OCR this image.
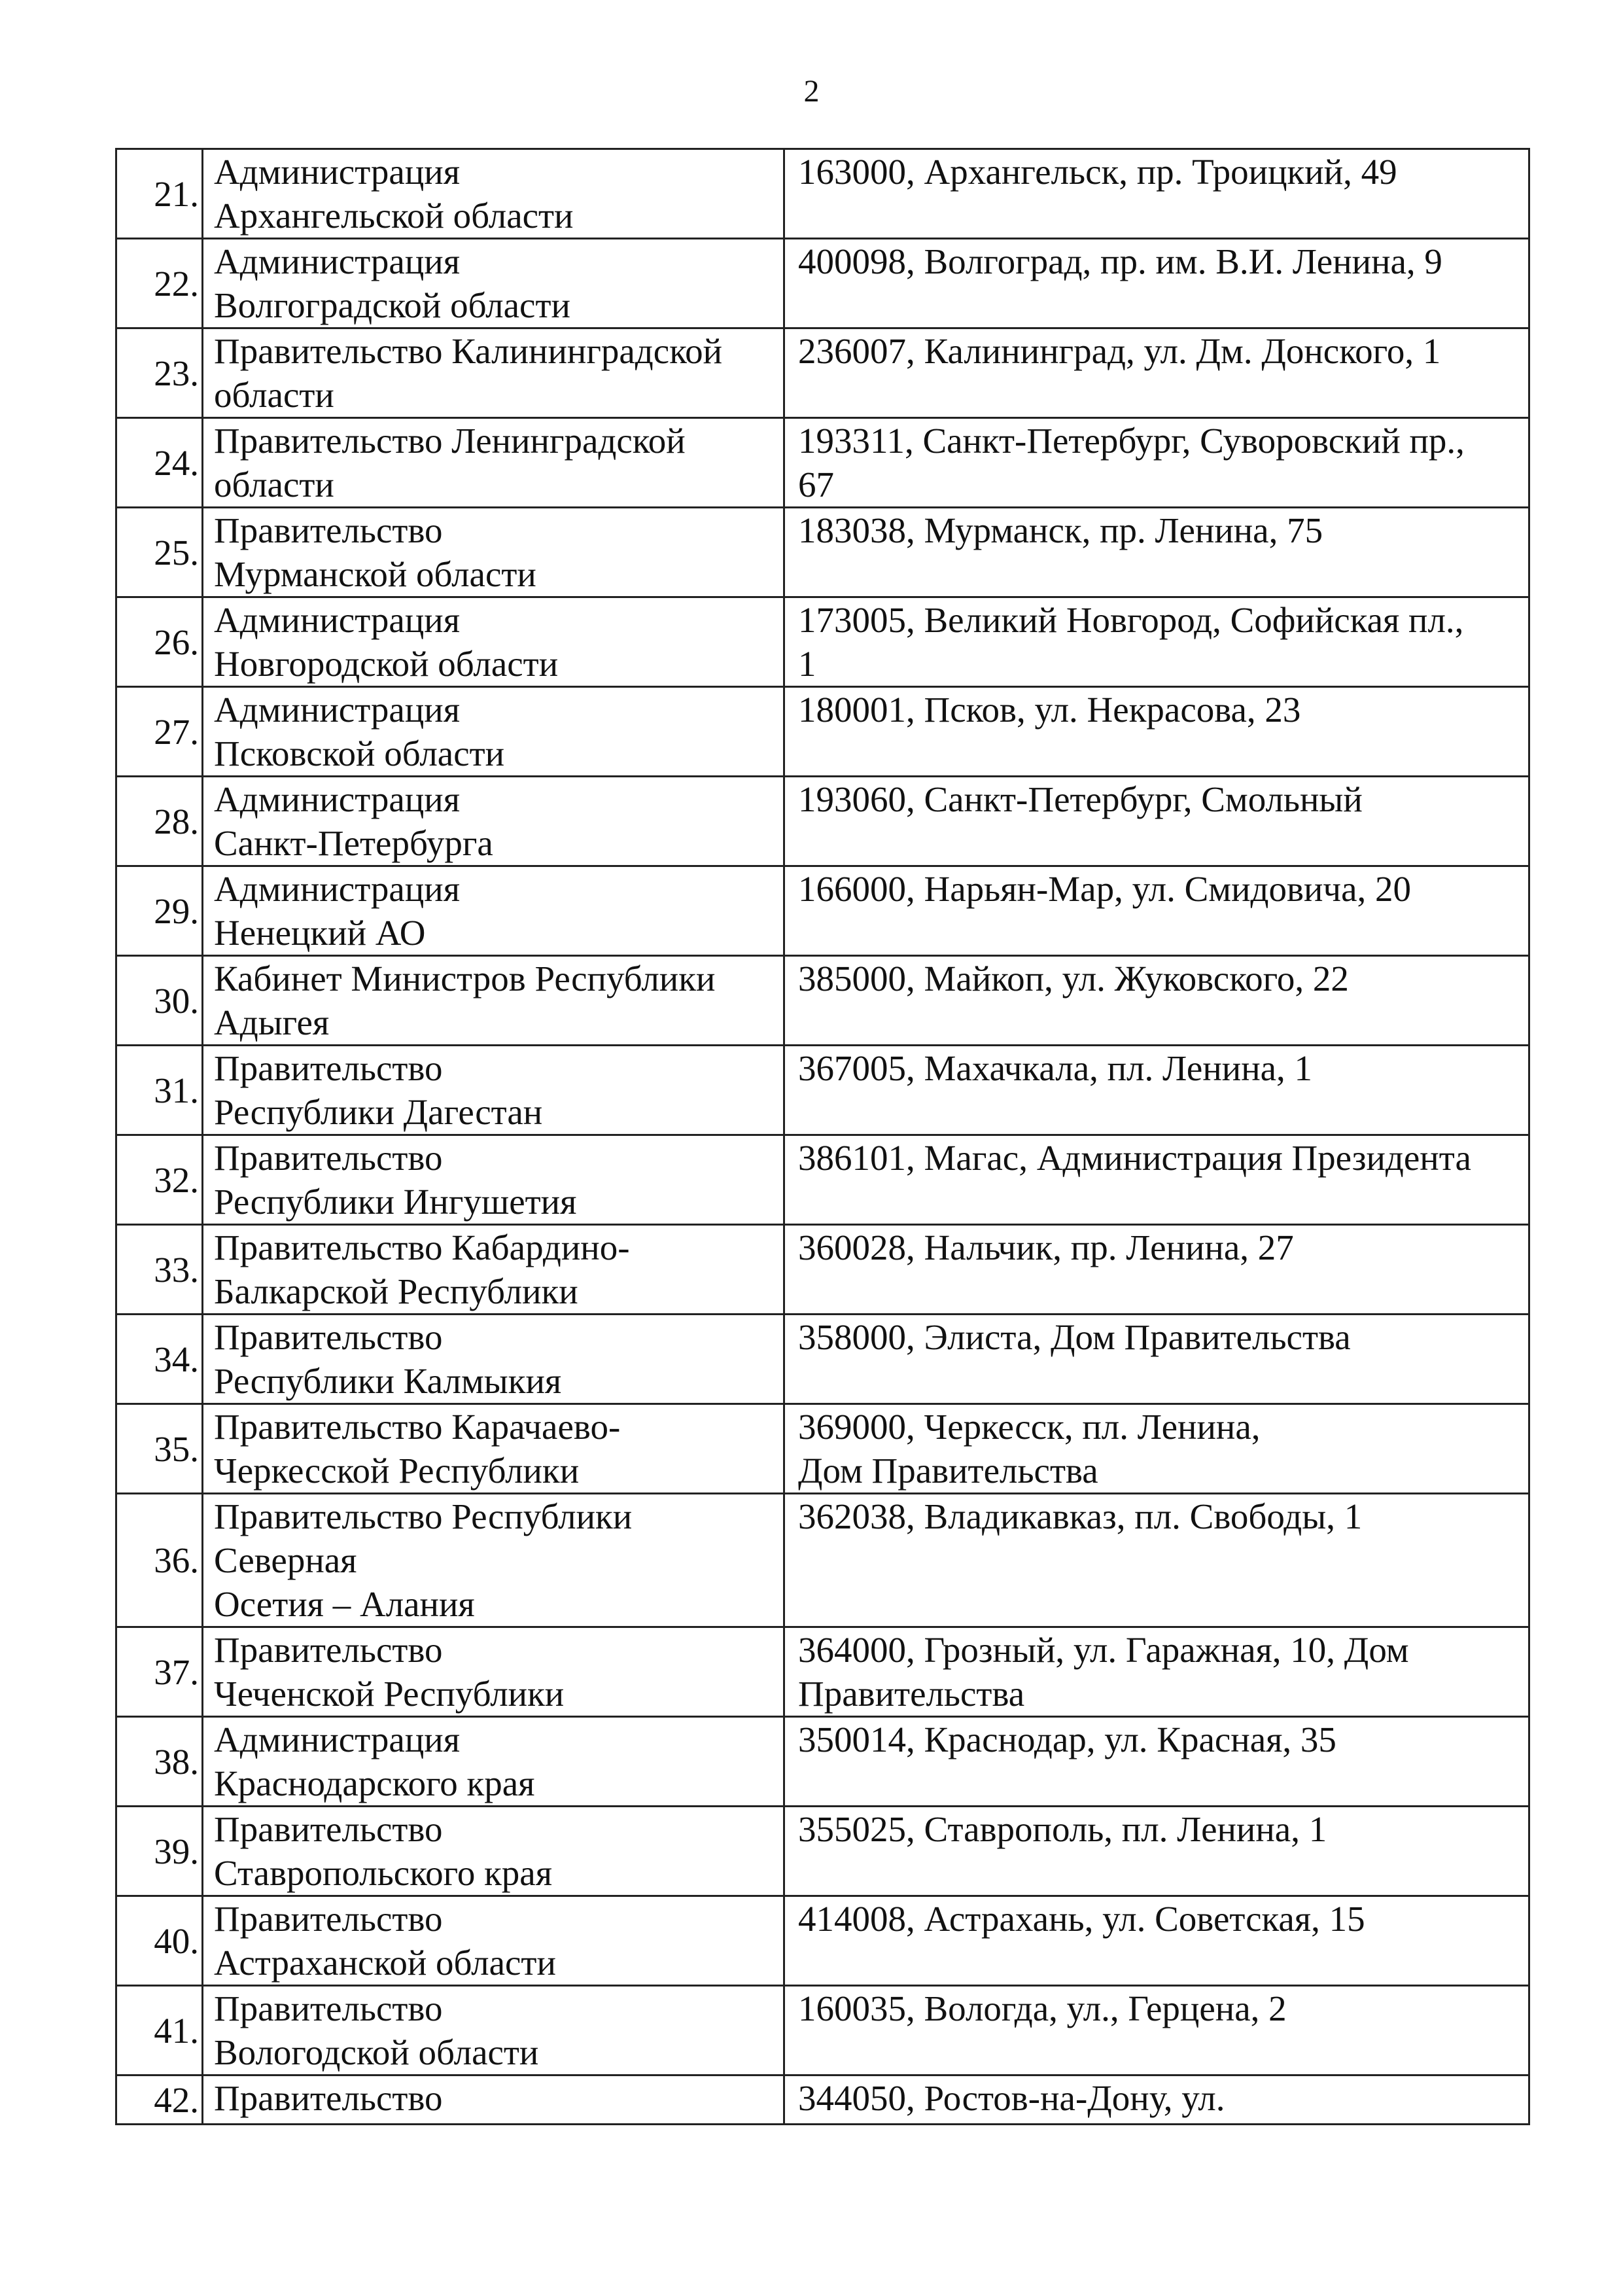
2
21.	Администрация
Архангельской области	163000, Архангельск, пр. Троицкий, 49

22.	Администрация
Волгоградской области	400098, Волгоград, пр. им. В.И. Ленина, 9

23.	Правительство Калининградской
области	236007, Калининград, ул. Дм. Донского, 1

24.	Правительство Ленинградской
области	193311, Санкт-Петербург, Суворовский пр.,
67

25.	Правительство
Мурманской области	183038, Мурманск, пр. Ленина, 75

26.	Администрация
Новгородской области	173005, Великий Новгород, Софийская пл.,
1

27.	Администрация
Псковской области	180001, Псков, ул. Некрасова, 23

28.	Администрация
Санкт-Петербурга	193060, Санкт-Петербург, Смольный

29.	Администрация
Ненецкий АО	166000, Нарьян-Мар, ул. Смидовича, 20

30.	Кабинет Министров Республики
Адыгея	385000, Майкоп, ул. Жуковского, 22

31.	Правительство
Республики Дагестан	367005, Махачкала, пл. Ленина, 1

32.	Правительство
Республики Ингушетия	386101, Магас, Администрация Президента

33.	Правительство Кабардино-
Балкарской Республики	360028, Нальчик, пр. Ленина, 27

34.	Правительство
Республики Калмыкия	358000, Элиста, Дом Правительства

35.	Правительство Карачаево-
Черкесской Республики	369000, Черкесск, пл. Ленина,
Дом Правительства

36.	Правительство Республики
Северная
Осетия – Алания	362038, Владикавказ, пл. Свободы, 1

37.	Правительство
Чеченской Республики	364000, Грозный, ул. Гаражная, 10, Дом
Правительства

38.	Администрация
Краснодарского края	350014, Краснодар, ул. Красная, 35

39.	Правительство
Ставропольского края	355025, Ставрополь, пл. Ленина, 1

40.	Правительство
Астраханской области	414008, Астрахань, ул. Советская, 15

41.	Правительство
Вологодской области	160035, Вологда, ул., Герцена, 2

42.	Правительство	344050, Ростов-на-Дону, ул.
